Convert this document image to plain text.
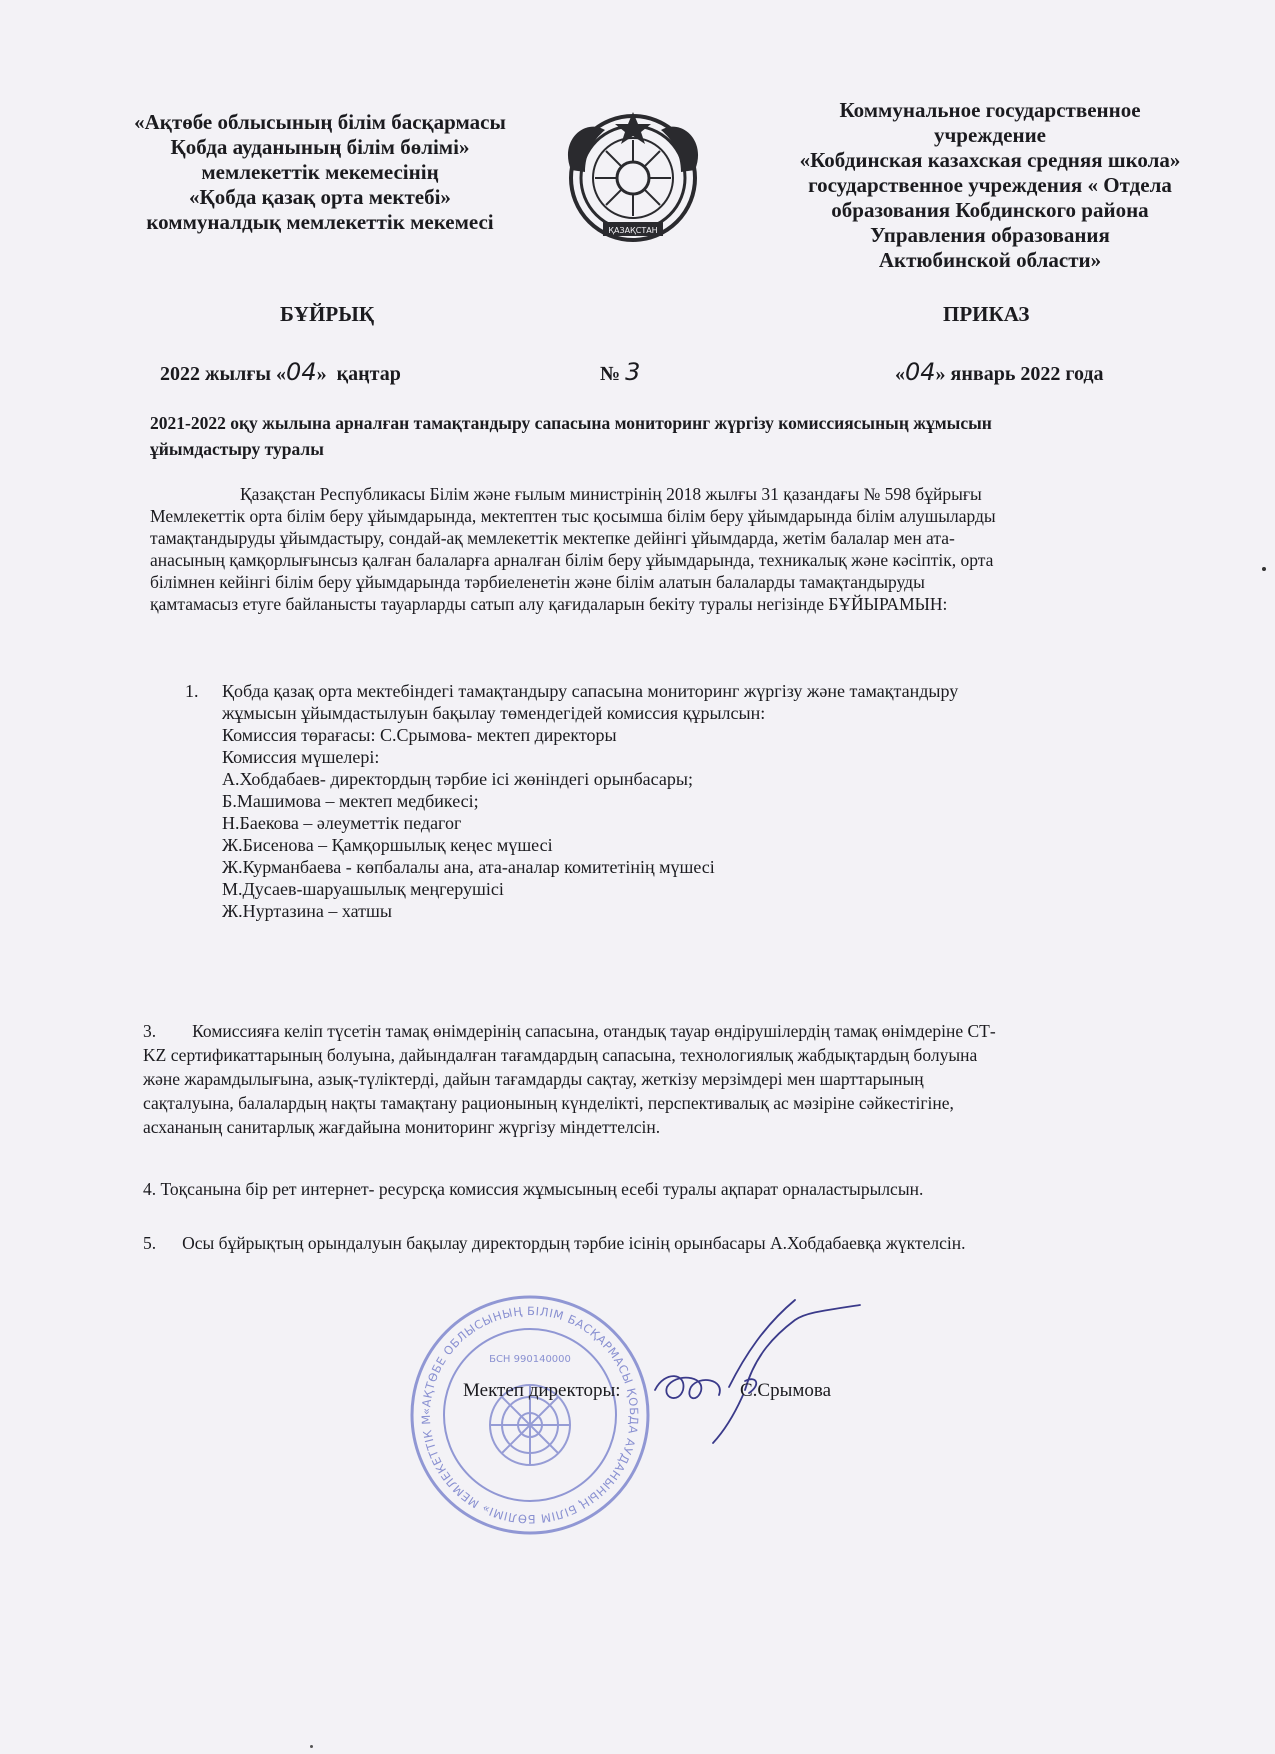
«Ақтөбе облысының білім басқармасы
Қобда ауданының білім бөлімі»
мемлекеттік мекемесінің
«Қобда қазақ орта мектебі»
коммуналдық мемлекеттік мекемесі	ҚАЗАҚСТАН
Коммунальное государственное
учреждение
«Кобдинская казахская средняя школа»
государственное учреждения « Отдела
образования Кобдинского района
Управления образования
Актюбинской области»
БҰЙРЫҚ	ПРИКАЗ
2022 жылғы «04» қаңтар	№ 3	«04» январь 2022 года
2021-2022 оқу жылына арналған тамақтандыру сапасына мониторинг жүргізу комиссиясының жұмысын
ұйымдастыру туралы
Қазақстан Республикасы Білім және ғылым министрінің 2018 жылғы 31 қазандағы № 598 бұйрығы
Мемлекеттік орта білім беру ұйымдарында, мектептен тыс қосымша білім беру ұйымдарында білім алушыларды
тамақтандыруды ұйымдастыру, сондай-ақ мемлекеттік мектепке дейінгі ұйымдарда, жетім балалар мен ата-
анасының қамқорлығынсыз қалған балаларға арналған білім беру ұйымдарында, техникалық және кәсіптік, орта
білімнен кейінгі білім беру ұйымдарында тәрбиеленетін және білім алатын балаларды тамақтандыруды
қамтамасыз етуге байланысты тауарларды сатып алу қағидаларын бекіту туралы негізінде БҰЙЫРАМЫН:
1. Қобда қазақ орта мектебіндегі тамақтандыру сапасына мониторинг жүргізу және тамақтандыру
жұмысын ұйымдастылуын бақылау төмендегідей комиссия құрылсын:
Комиссия төрағасы: С.Срымова- мектеп директоры
Комиссия мүшелері:
А.Хобдабаев- директордың тәрбие ісі жөніндегі орынбасары;
Б.Машимова – мектеп медбикесі;
Н.Баекова – әлеуметтік педагог
Ж.Бисенова – Қамқоршылық кеңес мүшесі
Ж.Курманбаева - көпбалалы ана, ата-аналар комитетінің мүшесі
М.Дусаев-шаруашылық меңгерушісі
Ж.Нуртазина – хатшы
3. Комиссияға келіп түсетін тамақ өнімдерінің сапасына, отандық тауар өндірушілердің тамақ өнімдеріне СТ-
KZ сертификаттарының болуына, дайындалған тағамдардың сапасына, технологиялық жабдықтардың болуына
және жарамдылығына, азық-түліктерді, дайын тағамдарды сақтау, жеткізу мерзімдері мен шарттарының
сақталуына, балалардың нақты тамақтану рационының күнделікті, перспективалық ас мәзіріне сәйкестігіне,
асхананың санитарлық жағдайына мониторинг жүргізу міндеттелсін.
4. Тоқсанына бір рет интернет- ресурсқа комиссия жұмысының есебі туралы ақпарат орналастырылсын.
5. Осы бұйрықтың орындалуын бақылау директордың тәрбие ісінің орынбасары А.Хобдабаевқа жүктелсін.
«АҚТӨБЕ ОБЛЫСЫНЫҢ БІЛІМ БАСҚАРМАСЫ ҚОБДА АУДАНЫНЫҢ БІЛІМ БӨЛІМІ» МЕМЛЕКЕТТІК М
БСН 990140000
Мектеп директоры:	С.Срымова
